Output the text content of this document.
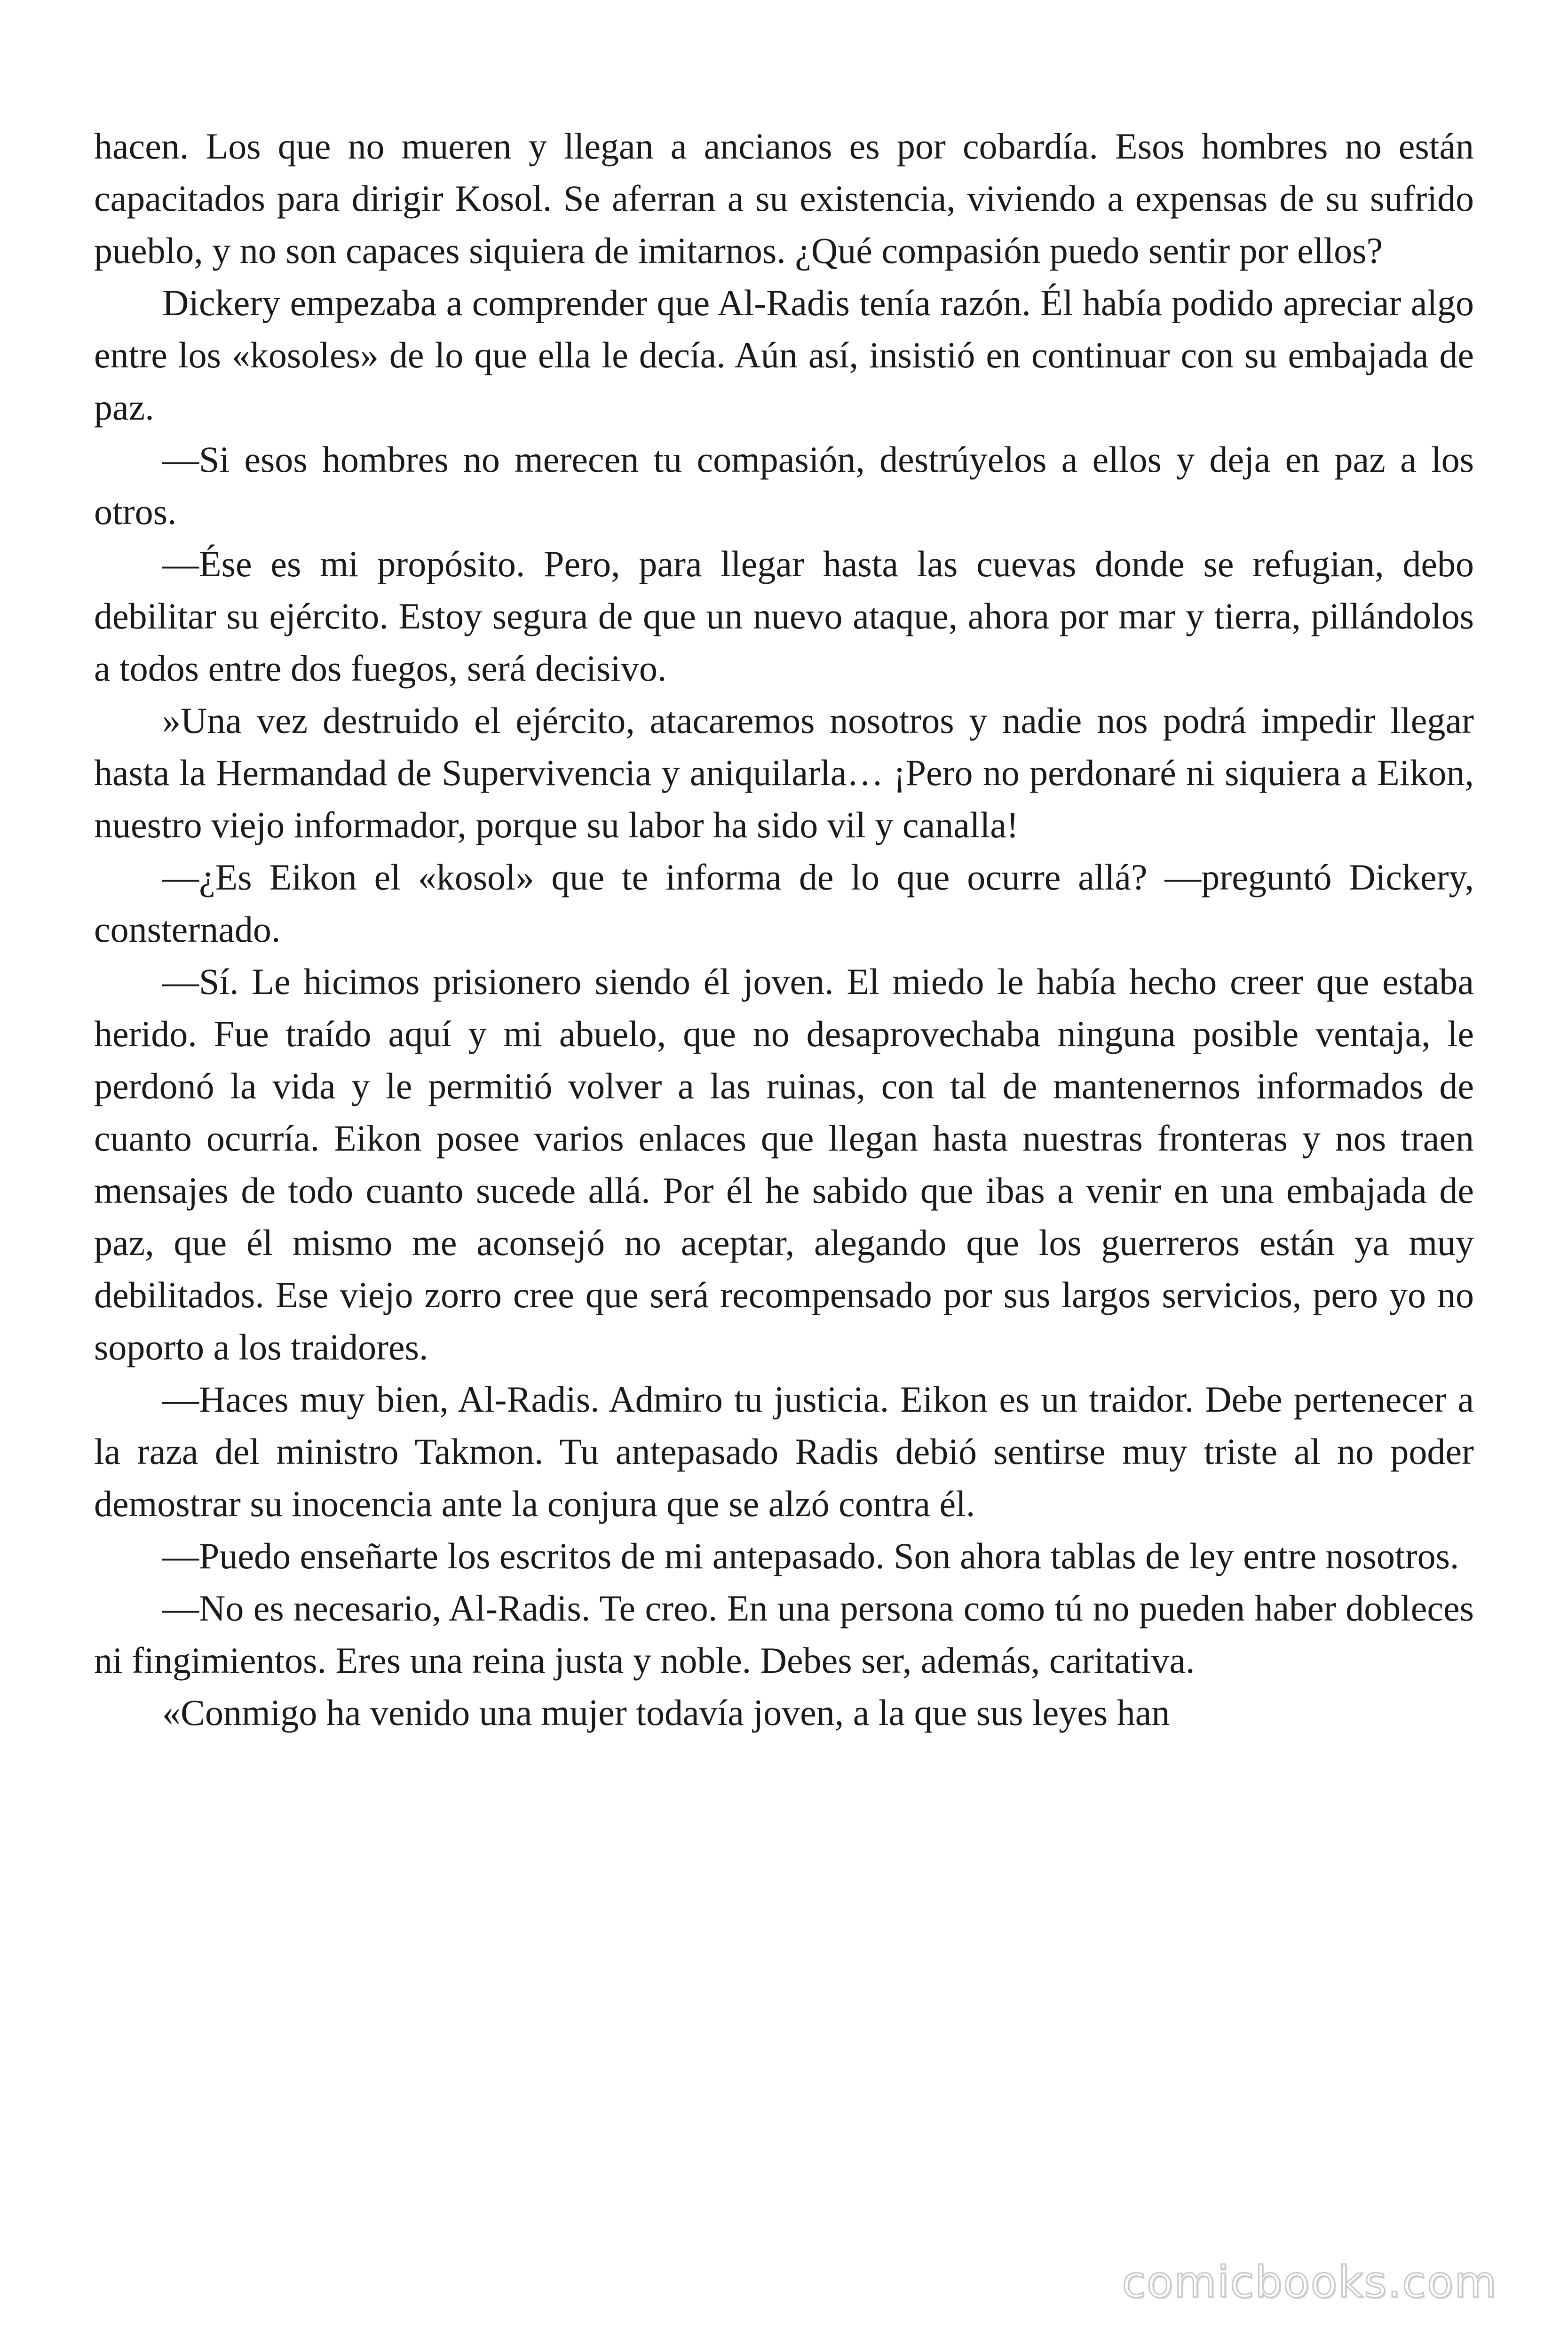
hacen. Los que no mueren y llegan a ancianos es por cobardía. Esos hombres no están capacitados para dirigir Kosol. Se aferran a su existencia, viviendo a expensas de su sufrido pueblo, y no son capaces siquiera de imitarnos. ¿Qué compasión puedo sentir por ellos?

Dickery empezaba a comprender que Al-Radis tenía razón. Él había podido apreciar algo entre los «kosoles» de lo que ella le decía. Aún así, insistió en continuar con su embajada de paz.

—Si esos hombres no merecen tu compasión, destrúyelos a ellos y deja en paz a los otros.

—Ése es mi propósito. Pero, para llegar hasta las cuevas donde se refugian, debo debilitar su ejército. Estoy segura de que un nuevo ataque, ahora por mar y tierra, pillándolos a todos entre dos fuegos, será decisivo.

»Una vez destruido el ejército, atacaremos nosotros y nadie nos podrá impedir llegar hasta la Hermandad de Supervivencia y aniquilarla… ¡Pero no perdonaré ni siquiera a Eikon, nuestro viejo informador, porque su labor ha sido vil y canalla!

—¿Es Eikon el «kosol» que te informa de lo que ocurre allá? —preguntó Dickery, consternado.

—Sí. Le hicimos prisionero siendo él joven. El miedo le había hecho creer que estaba herido. Fue traído aquí y mi abuelo, que no desaprovechaba ninguna posible ventaja, le perdonó la vida y le permitió volver a las ruinas, con tal de mantenernos informados de cuanto ocurría. Eikon posee varios enlaces que llegan hasta nuestras fronteras y nos traen mensajes de todo cuanto sucede allá. Por él he sabido que ibas a venir en una embajada de paz, que él mismo me aconsejó no aceptar, alegando que los guerreros están ya muy debilitados. Ese viejo zorro cree que será recompensado por sus largos servicios, pero yo no soporto a los traidores.

—Haces muy bien, Al-Radis. Admiro tu justicia. Eikon es un traidor. Debe pertenecer a la raza del ministro Takmon. Tu antepasado Radis debió sentirse muy triste al no poder demostrar su inocencia ante la conjura que se alzó contra él.

—Puedo enseñarte los escritos de mi antepasado. Son ahora tablas de ley entre nosotros.

—No es necesario, Al-Radis. Te creo. En una persona como tú no pueden haber dobleces ni fingimientos. Eres una reina justa y noble. Debes ser, además, caritativa.

«Conmigo ha venido una mujer todavía joven, a la que sus leyes han

comicbooks.com
